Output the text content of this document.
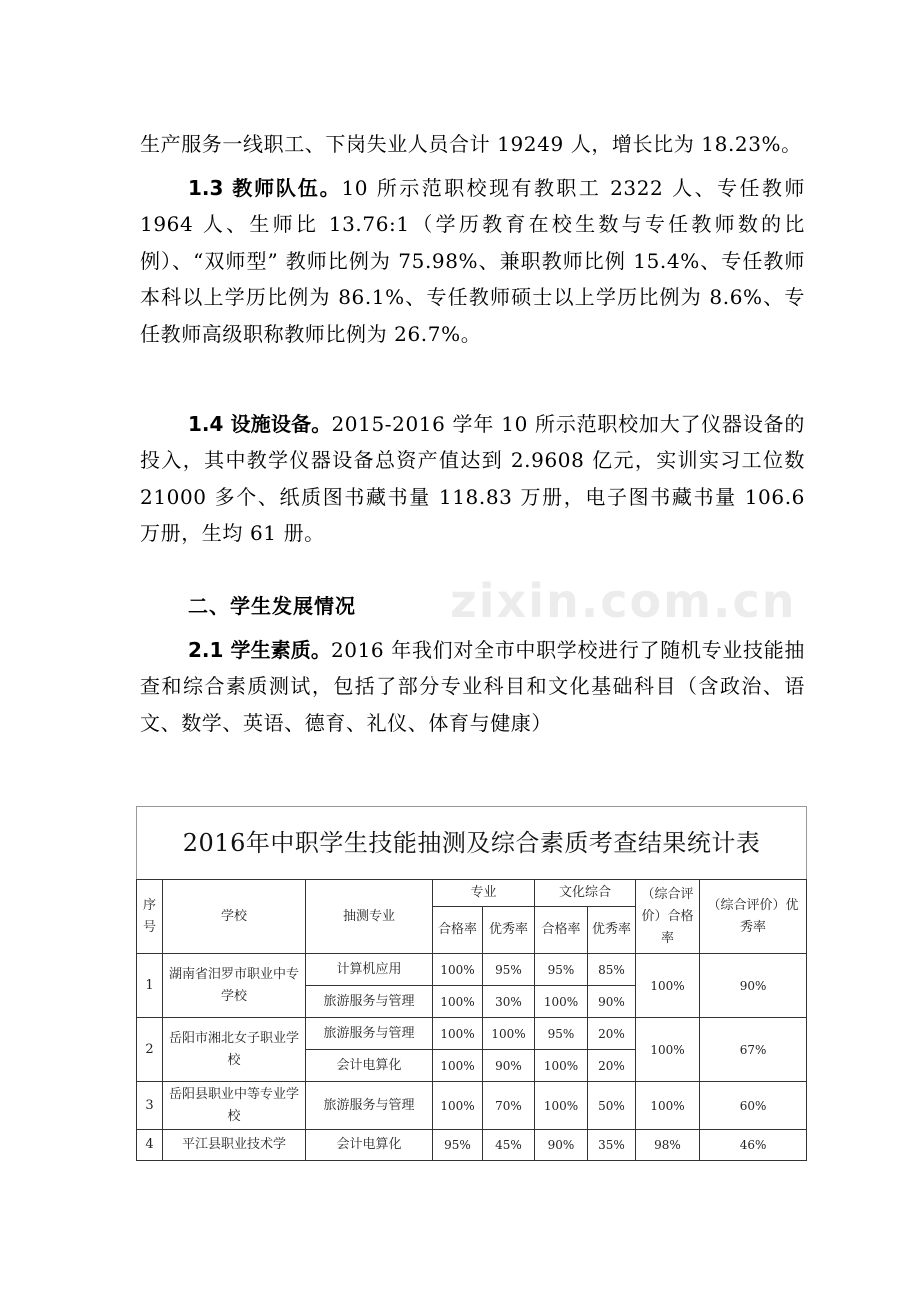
生产服务一线职工、下岗失业人员合计 19249 人，增长比为 18.23%。

1.3 教师队伍。10 所示范职校现有教职工 2322 人、专任教师 1964 人、生师比 13.76:1（学历教育在校生数与专任教师数的比例）、“双师型” 教师比例为 75.98%、兼职教师比例 15.4%、专任教师本科以上学历比例为 86.1%、专任教师硕士以上学历比例为 8.6%、专任教师高级职称教师比例为 26.7%。

1.4 设施设备。2015-2016 学年 10 所示范职校加大了仪器设备的投入，其中教学仪器设备总资产值达到 2.9608 亿元，实训实习工位数 21000 多个、纸质图书藏书量 118.83 万册，电子图书藏书量 106.6 万册，生均 61 册。

二、学生发展情况

2.1 学生素质。2016 年我们对全市中职学校进行了随机专业技能抽查和综合素质测试，包括了部分专业科目和文化基础科目（含政治、语文、数学、英语、德育、礼仪、体育与健康）

zixin.com.cn
2016年中职学生技能抽测及综合素质考查结果统计表								
序号	学校	抽测专业	专业		文化综合		（综合评价）合格率	（综合评价）优秀率
			合格率	优秀率	合格率	优秀率		
1	湖南省汨罗市职业中专学校	计算机应用	100%	95%	95%	85%	100%	90%
		旅游服务与管理	100%	30%	100%	90%		
2	岳阳市湘北女子职业学校	旅游服务与管理	100%	100%	95%	20%	100%	67%
		会计电算化	100%	90%	100%	20%		
3	岳阳县职业中等专业学校	旅游服务与管理	100%	70%	100%	50%	100%	60%
4	平江县职业技术学	会计电算化	95%	45%	90%	35%	98%	46%
